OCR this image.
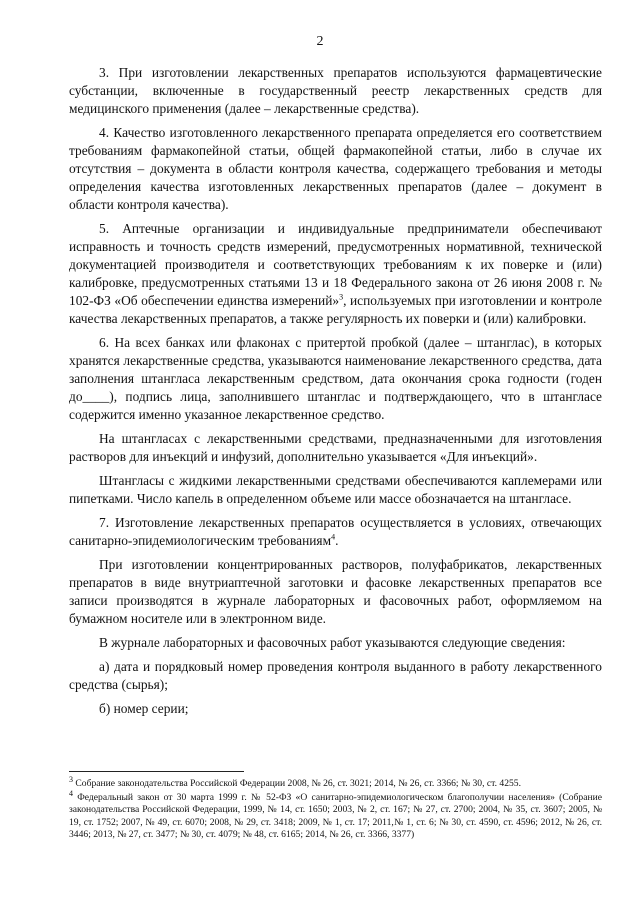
2

3. При изготовлении лекарственных препаратов используются фармацевтические субстанции, включенные в государственный реестр лекарственных средств для медицинского применения (далее – лекарственные средства).

4. Качество изготовленного лекарственного препарата определяется его соответствием требованиям фармакопейной статьи, общей фармакопейной статьи, либо в случае их отсутствия – документа в области контроля качества, содержащего требования и методы определения качества изготовленных лекарственных препаратов (далее – документ в области контроля качества).

5. Аптечные организации и индивидуальные предприниматели обеспечивают исправность и точность средств измерений, предусмотренных нормативной, технической документацией производителя и соответствующих требованиям к их поверке и (или) калибровке, предусмотренных статьями 13 и 18 Федерального закона от 26 июня 2008 г. № 102-ФЗ «Об обеспечении единства измерений»$^3$, используемых при изготовлении и контроле качества лекарственных препаратов, а также регулярность их поверки и (или) калибровки.

6. На всех банках или флаконах с притертой пробкой (далее – штанглас), в которых хранятся лекарственные средства, указываются наименование лекарственного средства, дата заполнения штангласа лекарственным средством, дата окончания срока годности (годен до____), подпись лица, заполнившего штанглас и подтверждающего, что в штангласе содержится именно указанное лекарственное средство.

На штангласах с лекарственными средствами, предназначенными для изготовления растворов для инъекций и инфузий, дополнительно указывается «Для инъекций».

Штангласы с жидкими лекарственными средствами обеспечиваются каплемерами или пипетками. Число капель в определенном объеме или массе обозначается на штангласе.

7. Изготовление лекарственных препаратов осуществляется в условиях, отвечающих санитарно-эпидемиологическим требованиям$^4$.

При изготовлении концентрированных растворов, полуфабрикатов, лекарственных препаратов в виде внутриаптечной заготовки и фасовке лекарственных препаратов все записи производятся в журнале лабораторных и фасовочных работ, оформляемом на бумажном носителе или в электронном виде.

В журнале лабораторных и фасовочных работ указываются следующие сведения:

а) дата и порядковый номер проведения контроля выданного в работу лекарственного средства (сырья);

б) номер серии;

$^3$ Собрание законодательства Российской Федерации 2008, № 26, ст. 3021; 2014, № 26, ст. 3366; № 30, ст. 4255.

$^4$ Федеральный закон от 30 марта 1999 г. № 52-ФЗ «О санитарно-эпидемиологическом благополучии населения» (Собрание законодательства Российской Федерации, 1999, № 14, ст. 1650; 2003, № 2, ст. 167; № 27, ст. 2700; 2004, № 35, ст. 3607; 2005, № 19, ст. 1752; 2007, № 49, ст. 6070; 2008, № 29, ст. 3418; 2009, № 1, ст. 17; 2011,№ 1, ст. 6; № 30, ст. 4590, ст. 4596; 2012, № 26, ст. 3446; 2013, № 27, ст. 3477; № 30, ст. 4079; № 48, ст. 6165; 2014, № 26, ст. 3366, 3377)
